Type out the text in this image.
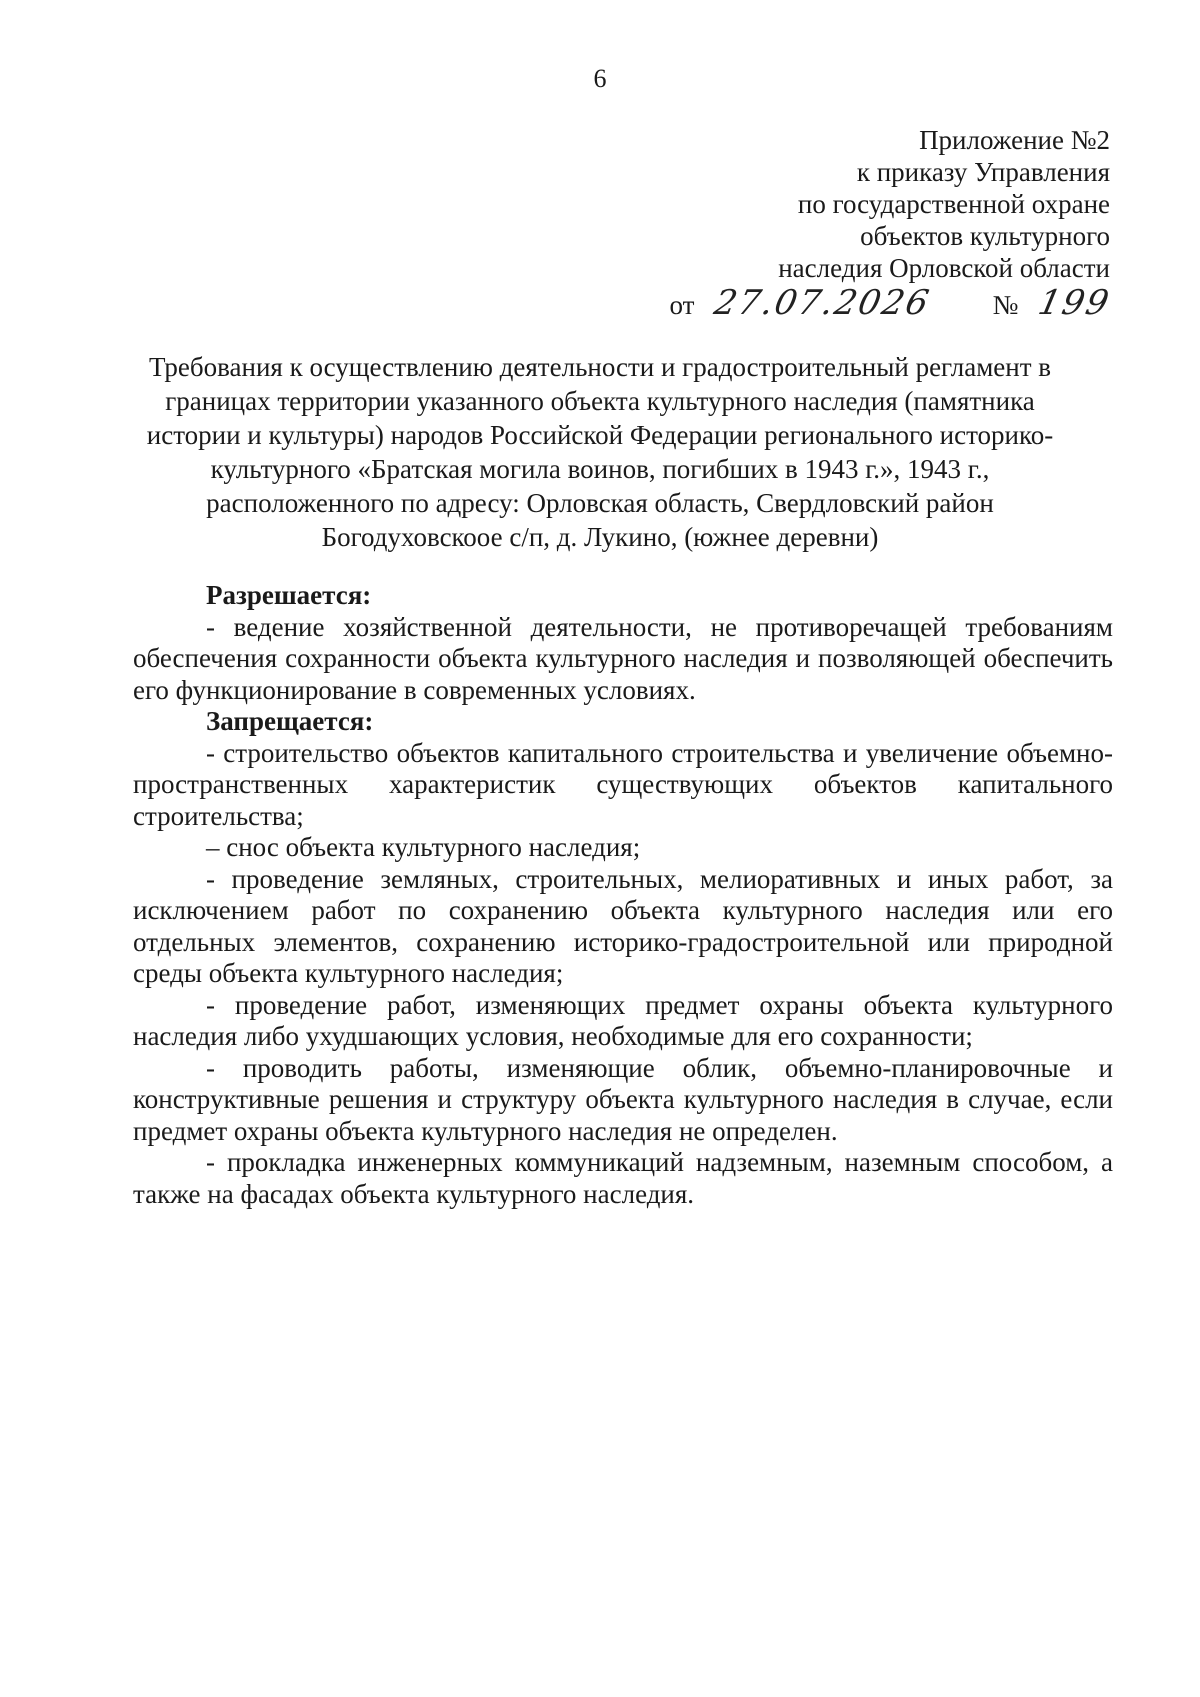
6
Приложение №2
к приказу Управления
по государственной охране
объектов культурного
наследия Орловской области
от 27.07.2026 № 199
Требования к осуществлению деятельности и градостроительный регламент в
границах территории указанного объекта культурного наследия (памятника
истории и культуры) народов Российской Федерации регионального историко-
культурного «Братская могила воинов, погибших в 1943 г.», 1943 г.,
расположенного по адресу: Орловская область, Свердловский район
Богодуховскоое с/п, д. Лукино, (южнее деревни)

Разрешается:

- ведение хозяйственной деятельности, не противоречащей требованиям обеспечения сохранности объекта культурного наследия и позволяющей обеспечить его функционирование в современных условиях.

Запрещается:

- строительство объектов капитального строительства и увеличение объемно-пространственных характеристик существующих объектов капитального строительства;

– снос объекта культурного наследия;

- проведение земляных, строительных, мелиоративных и иных работ, за исключением работ по сохранению объекта культурного наследия или его отдельных элементов, сохранению историко-градостроительной или природной среды объекта культурного наследия;

- проведение работ, изменяющих предмет охраны объекта культурного наследия либо ухудшающих условия, необходимые для его сохранности;

- проводить работы, изменяющие облик, объемно-планировочные и конструктивные решения и структуру объекта культурного наследия в случае, если предмет охраны объекта культурного наследия не определен.

- прокладка инженерных коммуникаций надземным, наземным способом, а также на фасадах объекта культурного наследия.
